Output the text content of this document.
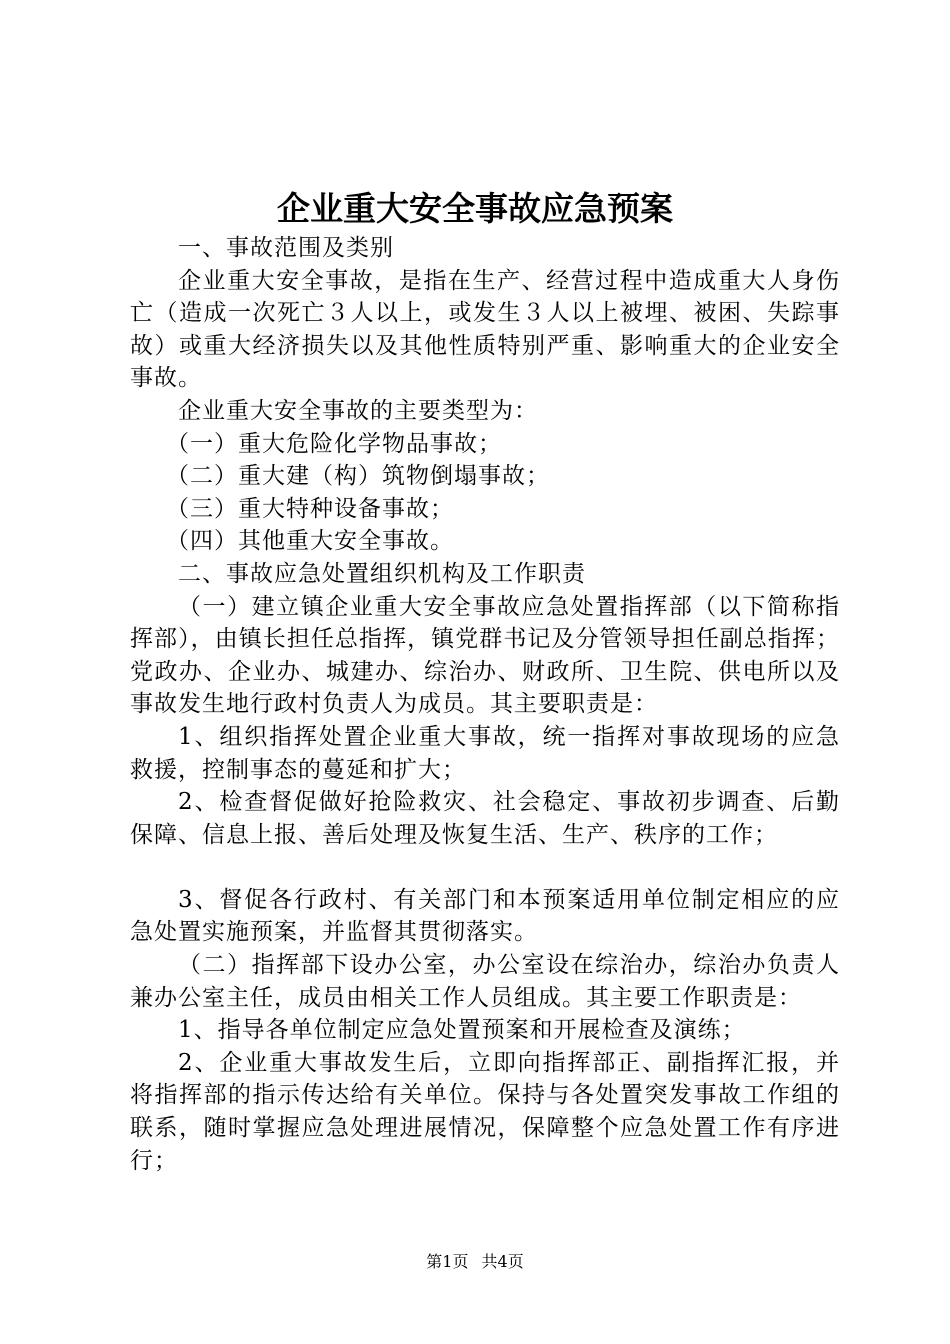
企业重大安全事故应急预案

一、事故范围及类别

企业重大安全事故，是指在生产、经营过程中造成重大人身伤亡（造成一次死亡３人以上，或发生３人以上被埋、被困、失踪事故）或重大经济损失以及其他性质特别严重、影响重大的企业安全事故。

企业重大安全事故的主要类型为：

（一）重大危险化学物品事故；

（二）重大建（构）筑物倒塌事故；

（三）重大特种设备事故；

（四）其他重大安全事故。

二、事故应急处置组织机构及工作职责

（一）建立镇企业重大安全事故应急处置指挥部（以下简称指挥部），由镇长担任总指挥，镇党群书记及分管领导担任副总指挥；党政办、企业办、城建办、综治办、财政所、卫生院、供电所以及事故发生地行政村负责人为成员。其主要职责是：

1、组织指挥处置企业重大事故，统一指挥对事故现场的应急救援，控制事态的蔓延和扩大；

2、检查督促做好抢险救灾、社会稳定、事故初步调查、后勤保障、信息上报、善后处理及恢复生活、生产、秩序的工作；

3、督促各行政村、有关部门和本预案适用单位制定相应的应急处置实施预案，并监督其贯彻落实。

（二）指挥部下设办公室，办公室设在综治办，综治办负责人兼办公室主任，成员由相关工作人员组成。其主要工作职责是：

1、指导各单位制定应急处置预案和开展检查及演练；

2、企业重大事故发生后，立即向指挥部正、副指挥汇报，并将指挥部的指示传达给有关单位。保持与各处置突发事故工作组的联系，随时掌握应急处理进展情况，保障整个应急处置工作有序进行；

第1页 共4页
